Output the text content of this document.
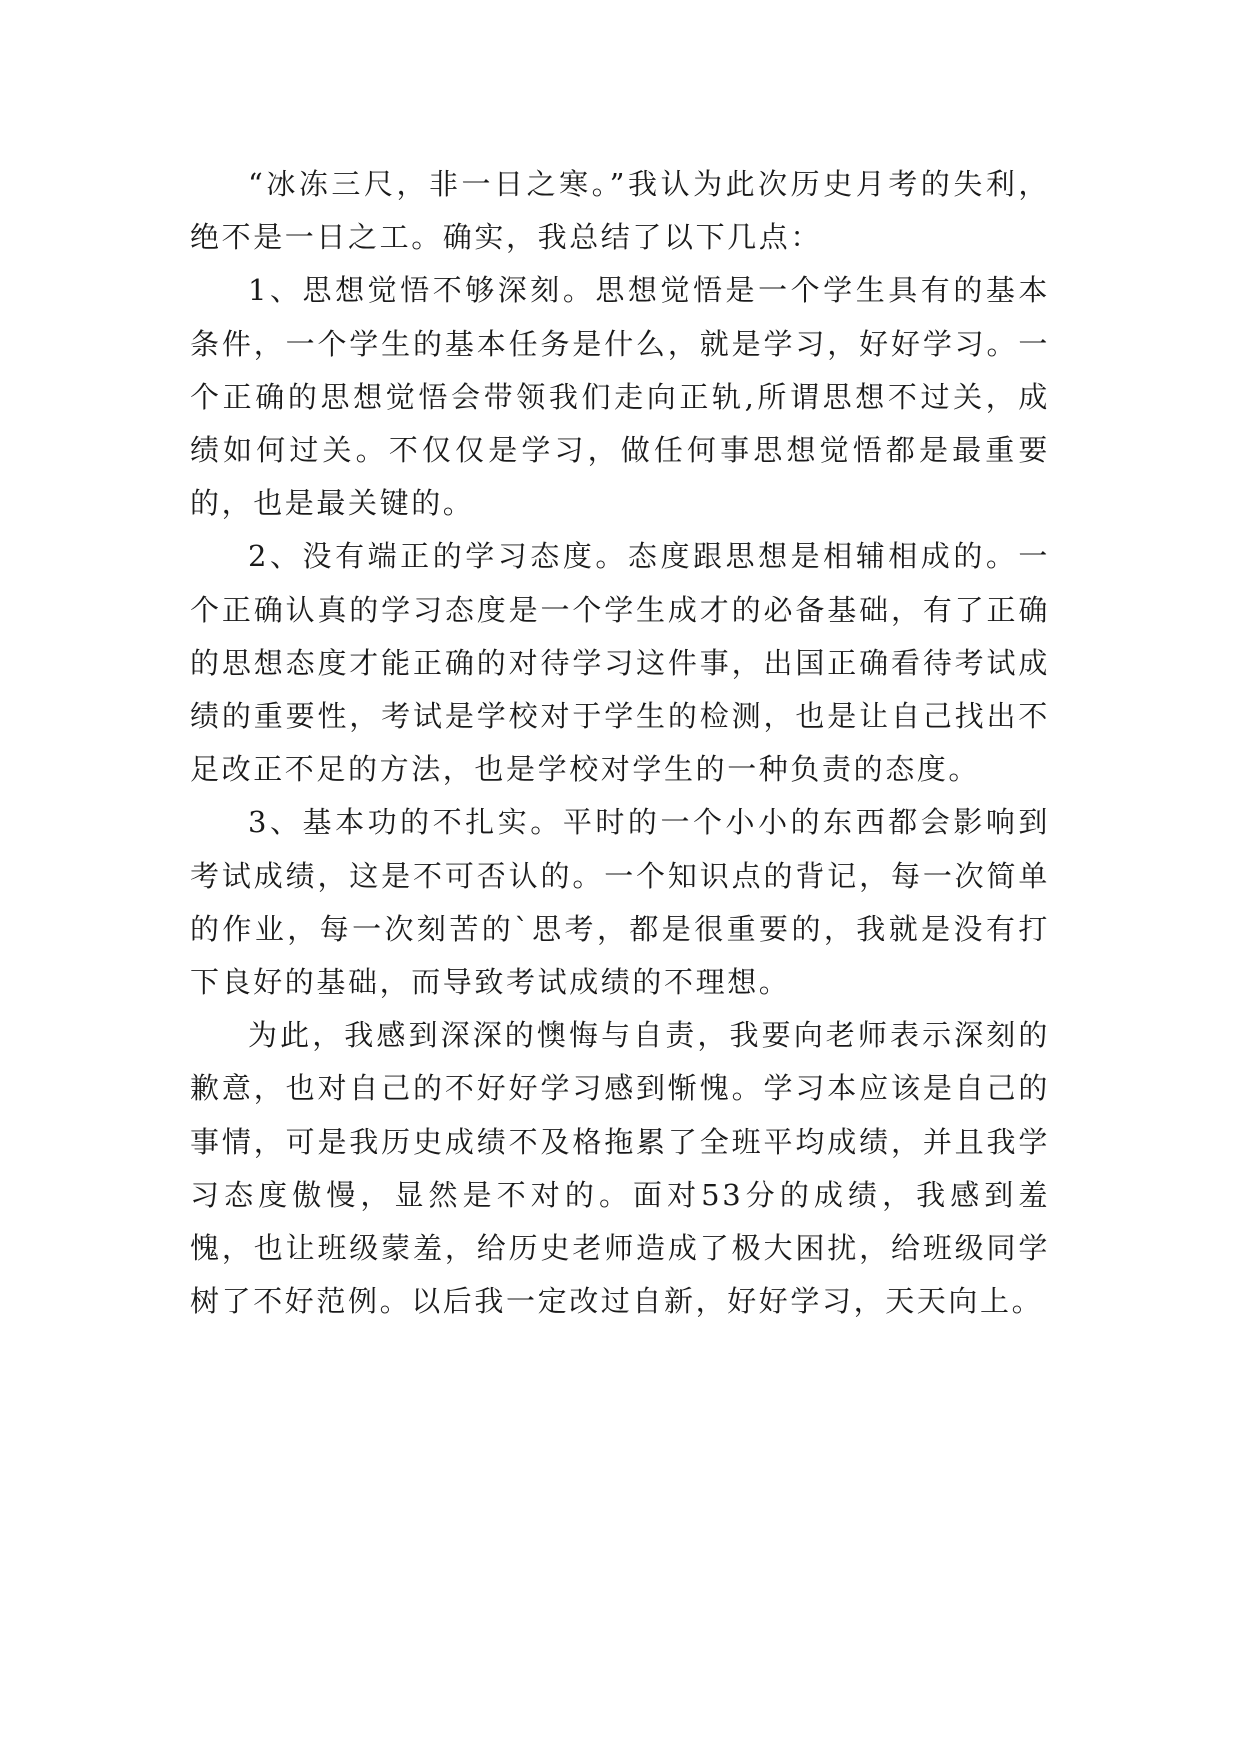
“冰冻三尺，非一日之寒。”我认为此次历史月考的失利，绝不是一日之工。确实，我总结了以下几点：

1、思想觉悟不够深刻。思想觉悟是一个学生具有的基本条件，一个学生的基本任务是什么，就是学习，好好学习。一个正确的思想觉悟会带领我们走向正轨,所谓思想不过关，成绩如何过关。不仅仅是学习，做任何事思想觉悟都是最重要的，也是最关键的。

2、没有端正的学习态度。态度跟思想是相辅相成的。一个正确认真的学习态度是一个学生成才的必备基础，有了正确的思想态度才能正确的对待学习这件事，出国正确看待考试成绩的重要性，考试是学校对于学生的检测，也是让自己找出不足改正不足的方法，也是学校对学生的一种负责的态度。

3、基本功的不扎实。平时的一个小小的东西都会影响到考试成绩，这是不可否认的。一个知识点的背记，每一次简单的作业，每一次刻苦的`思考，都是很重要的，我就是没有打下良好的基础，而导致考试成绩的不理想。

为此，我感到深深的懊悔与自责，我要向老师表示深刻的歉意，也对自己的不好好学习感到惭愧。学习本应该是自己的事情，可是我历史成绩不及格拖累了全班平均成绩，并且我学习态度傲慢，显然是不对的。面对53分的成绩，我感到羞愧，也让班级蒙羞，给历史老师造成了极大困扰，给班级同学树了不好范例。以后我一定改过自新，好好学习，天天向上。
